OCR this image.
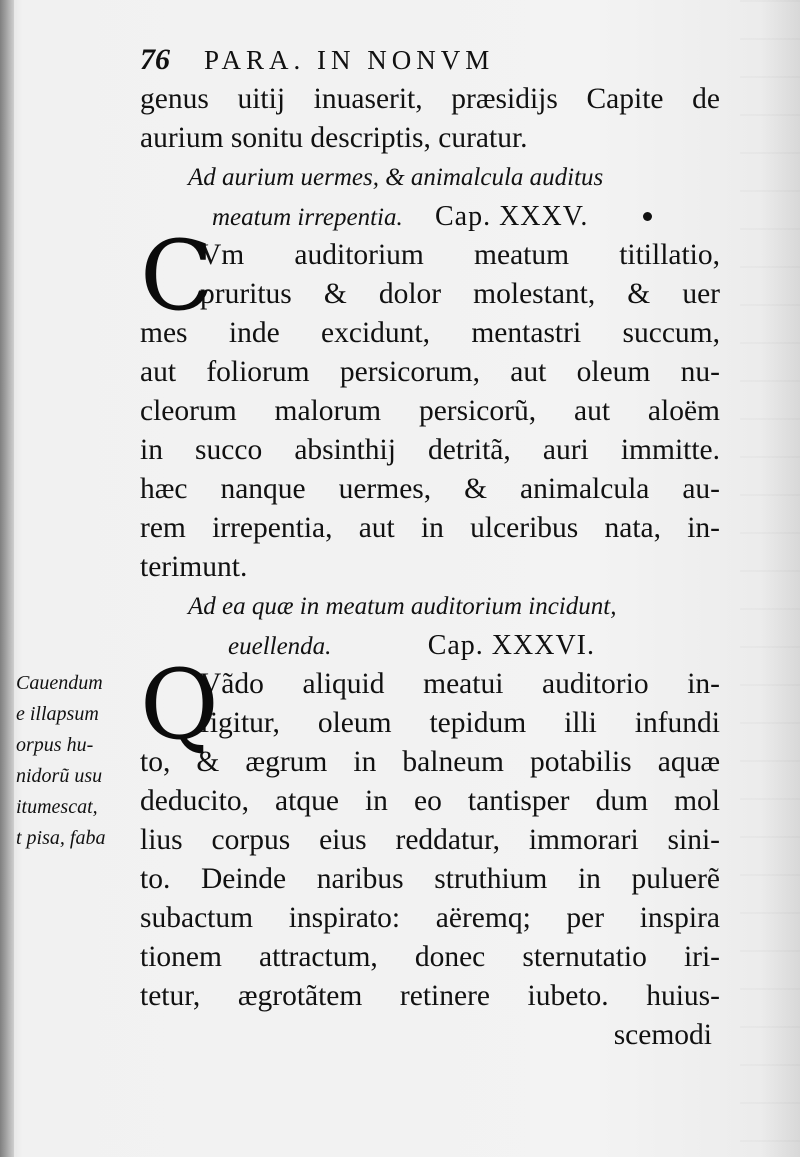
76 PARA. IN NONVM
genus uitij inuaserit, præsidijs Capite de
aurium sonitu descriptis, curatur.
Ad aurium uermes, & animalcula auditus
meatum irrepentia. Cap. XXXV.
C
Vm auditorium meatum titillatio,
pruritus & dolor molestant, & uer
mes inde excidunt, mentastri succum,
aut foliorum persicorum, aut oleum nu-
cleorum malorum persicorũ, aut aloëm
in succo absinthij detritã, auri immitte.
hæc nanque uermes, & animalcula au-
rem irrepentia, aut in ulceribus nata, in-
terimunt.
Ad ea quæ in meatum auditorium incidunt,
euellenda.	Cap. XXXVI.
Q
Vãdo aliquid meatui auditorio in-
figitur, oleum tepidum illi infundi
to, & ægrum in balneum potabilis aquæ
deducito, atque in eo tantisper dum mol
lius corpus eius reddatur, immorari sini-
to. Deinde naribus struthium in puluerẽ
subactum inspirato: aëremq; per inspira
tionem attractum, donec sternutatio iri-
tetur, ægrotãtem retinere iubeto. huius-
scemodi
Cauendum
e illapsum
orpus hu-
nidorũ usu
itumescat,
t pisa, faba
